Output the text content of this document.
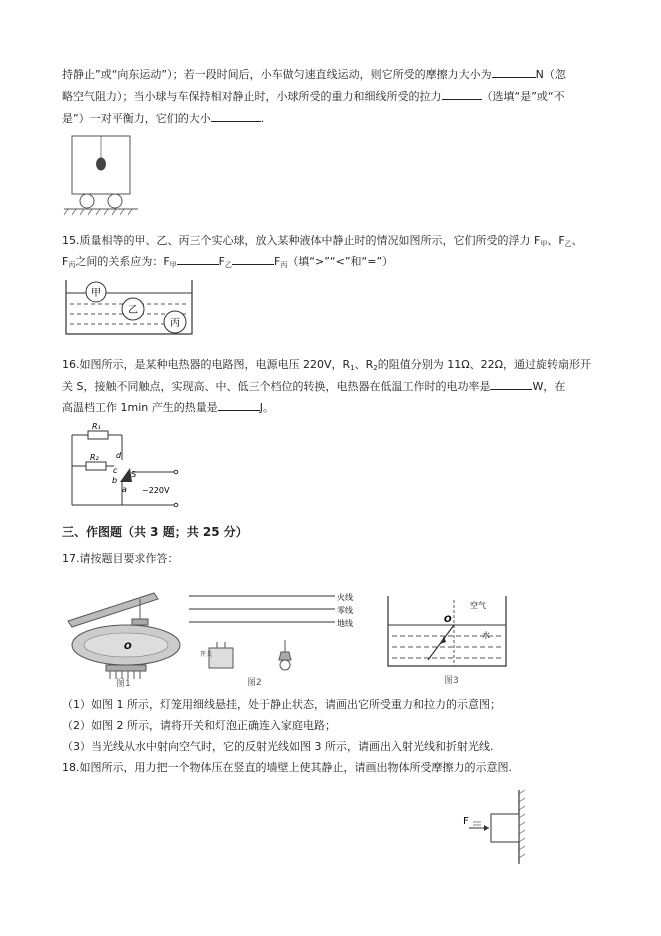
持静止”或“向东运动”）；若一段时间后，小车做匀速直线运动，则它所受的摩擦力大小为	N（忽
略空气阻力）；当小球与车保持相对静止时，小球所受的重力和细线所受的拉力	（选填“是”或“不
是”）一对平衡力，它们的大小	.
15.质量相等的甲、乙、丙三个实心球，放入某种液体中静止时的情况如图所示，它们所受的浮力 $F_甲$、$F_乙$、
$F_丙$之间的关系应为：$F_甲$	$F_乙$	$F_丙$（填“>”“<”和“=”）
甲
乙
丙
16.如图所示，是某种电热器的电路图，电源电压 220V，$R_1$、$R_2$的阻值分别为 11Ω、22Ω，通过旋转扇形开
关 S，接触不同触点，实现高、中、低三个档位的转换，电热器在低温工作时的电功率是	W，在
高温档工作 1min 产生的热量是	J。
R₁
R₂ d
c
b
a
S
~220V
三、作图题（共 3 题；共 25 分）
17.请按题目要求作答：
O
图1
火线
零线
地线
开关
图2
O
空气
水
图3
（1）如图 1 所示，灯笼用细线悬挂，处于静止状态，请画出它所受重力和拉力的示意图；
（2）如图 2 所示，请将开关和灯泡正确连入家庭电路；
（3）当光线从水中射向空气时，它的反射光线如图 3 所示，请画出入射光线和折射光线.
18.如图所示，用力把一个物体压在竖直的墙壁上使其静止，请画出物体所受摩擦力的示意图.
F
